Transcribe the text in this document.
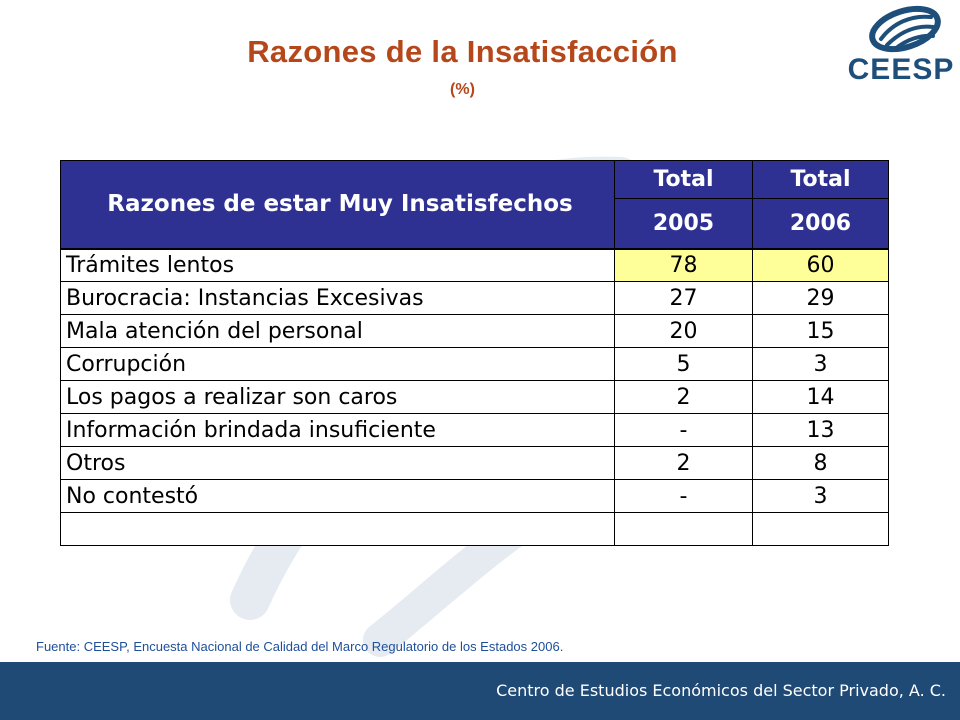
Razones de la Insatisfacción
(%)
CEESP
Razones de estar Muy Insatisfechos	Total	Total
	2005	2006
Trámites lentos	78	60
Burocracia: Instancias Excesivas	27	29
Mala atención del personal	20	15
Corrupción	5	3
Los pagos a realizar son caros	2	14
Información brindada insuficiente	-	13
Otros	2	8
No contestó	-	3

Fuente: CEESP, Encuesta Nacional de Calidad del Marco Regulatorio de los Estados 2006.
Centro de Estudios Económicos del Sector Privado, A. C.
